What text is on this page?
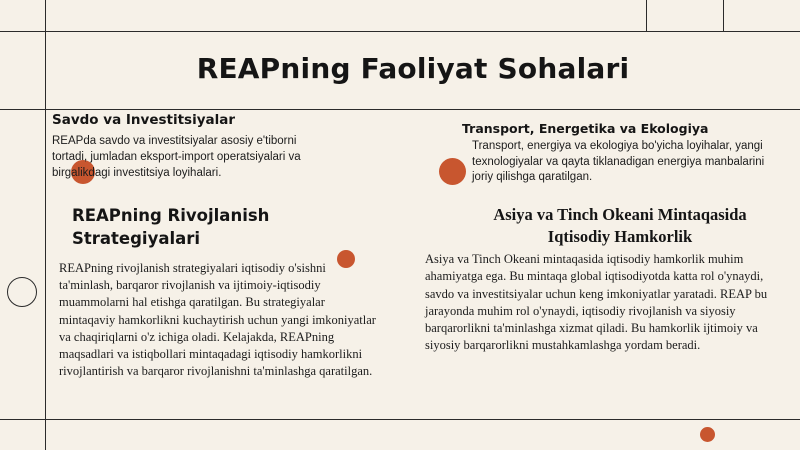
REAPning Faoliyat Sohalari
Savdo va Investitsiyalar
REAPda savdo va investitsiyalar asosiy e'tiborni tortadi, jumladan eksport-import operatsiyalari va birgalikdagi investitsiya loyihalari.
Transport, Energetika va Ekologiya
Transport, energiya va ekologiya bo'yicha loyihalar, yangi texnologiyalar va qayta tiklanadigan energiya manbalarini joriy qilishga qaratilgan.
REAPning Rivojlanish Strategiyalari
REAPning rivojlanish strategiyalari iqtisodiy o'sishni ta'minlash, barqaror rivojlanish va ijtimoiy-iqtisodiy muammolarni hal etishga qaratilgan. Bu strategiyalar mintaqaviy hamkorlikni kuchaytirish uchun yangi imkoniyatlar va chaqiriqlarni o'z ichiga oladi. Kelajakda, REAPning maqsadlari va istiqbollari mintaqadagi iqtisodiy hamkorlikni rivojlantirish va barqaror rivojlanishni ta'minlashga qaratilgan.
Asiya va Tinch Okeani Mintaqasida Iqtisodiy Hamkorlik
Asiya va Tinch Okeani mintaqasida iqtisodiy hamkorlik muhim ahamiyatga ega. Bu mintaqa global iqtisodiyotda katta rol o'ynaydi, savdo va investitsiyalar uchun keng imkoniyatlar yaratadi. REAP bu jarayonda muhim rol o'ynaydi, iqtisodiy rivojlanish va siyosiy barqarorlikni ta'minlashga xizmat qiladi. Bu hamkorlik ijtimoiy va siyosiy barqarorlikni mustahkamlashga yordam beradi.
